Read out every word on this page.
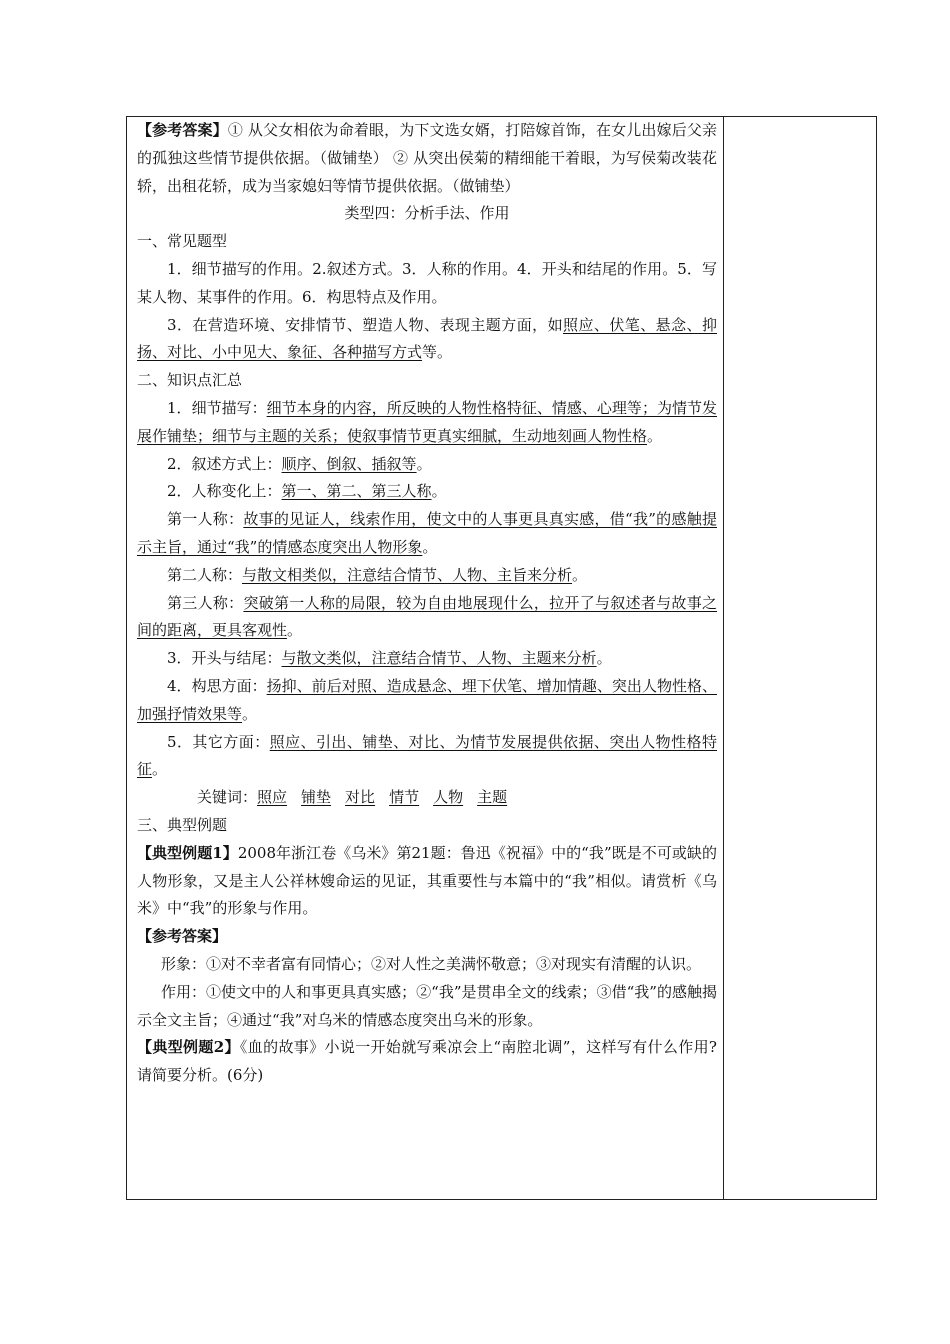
【参考答案】① 从父女相依为命着眼，为下文选女婿，打陪嫁首饰，在女儿出嫁后父亲的孤独这些情节提供依据。（做铺垫） ② 从突出侯菊的精细能干着眼，为写侯菊改装花轿，出租花轿，成为当家媳妇等情节提供依据。（做铺垫）

类型四：分析手法、作用

一、常见题型

1．细节描写的作用。2.叙述方式。3．人称的作用。4．开头和结尾的作用。5．写某人物、某事件的作用。6．构思特点及作用。

3．在营造环境、安排情节、塑造人物、表现主题方面，如照应、伏笔、悬念、抑扬、对比、小中见大、象征、各种描写方式等。

二、知识点汇总

1．细节描写：细节本身的内容，所反映的人物性格特征、情感、心理等；为情节发展作铺垫；细节与主题的关系；使叙事情节更真实细腻，生动地刻画人物性格。

2．叙述方式上：顺序、倒叙、插叙等。

2．人称变化上：第一、第二、第三人称。

第一人称：故事的见证人，线索作用，使文中的人事更具真实感，借“我”的感触提示主旨，通过“我”的情感态度突出人物形象。

第二人称：与散文相类似，注意结合情节、人物、主旨来分析。

第三人称：突破第一人称的局限，较为自由地展现什么，拉开了与叙述者与故事之间的距离，更具客观性。

3．开头与结尾：与散文类似，注意结合情节、人物、主题来分析。

4．构思方面：扬抑、前后对照、造成悬念、埋下伏笔、增加情趣、突出人物性格、加强抒情效果等。

5．其它方面：照应、引出、铺垫、对比、为情节发展提供依据、突出人物性格特征。

关键词：照应 铺垫 对比 情节 人物 主题

三、典型例题

【典型例题1】2008年浙江卷《乌米》第21题：鲁迅《祝福》中的“我”既是不可或缺的人物形象，又是主人公祥林嫂命运的见证，其重要性与本篇中的“我”相似。请赏析《乌米》中“我”的形象与作用。

【参考答案】

形象：①对不幸者富有同情心；②对人性之美满怀敬意；③对现实有清醒的认识。

作用：①使文中的人和事更具真实感；②“我”是贯串全文的线索；③借“我”的感触揭示全文主旨；④通过“我”对乌米的情感态度突出乌米的形象。

【典型例题2】《血的故事》小说一开始就写乘凉会上“南腔北调”，这样写有什么作用?请简要分析。(6分)
